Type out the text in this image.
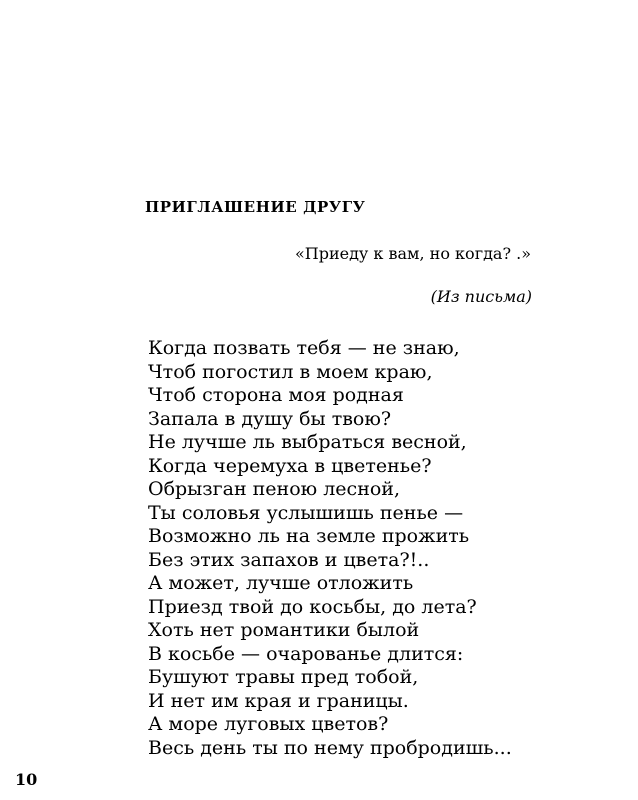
ПРИГЛАШЕНИЕ ДРУГУ
«Приеду к вам, но когда? .»
(Из письма)
Когда позвать тебя — не знаю,
Чтоб погостил в моем краю,
Чтоб сторона моя родная
Запала в душу бы твою?
Не лучше ль выбраться весной,
Когда черемуха в цветенье?
Обрызган пеною лесной,
Ты соловья услышишь пенье —
Возможно ль на земле прожить
Без этих запахов и цвета?!..
А может, лучше отложить
Приезд твой до косьбы, до лета?
Хоть нет романтики былой
В косьбе — очарованье длится:
Бушуют травы пред тобой,
И нет им края и границы.
А море луговых цветов?
Весь день ты по нему пробродишь...
10
